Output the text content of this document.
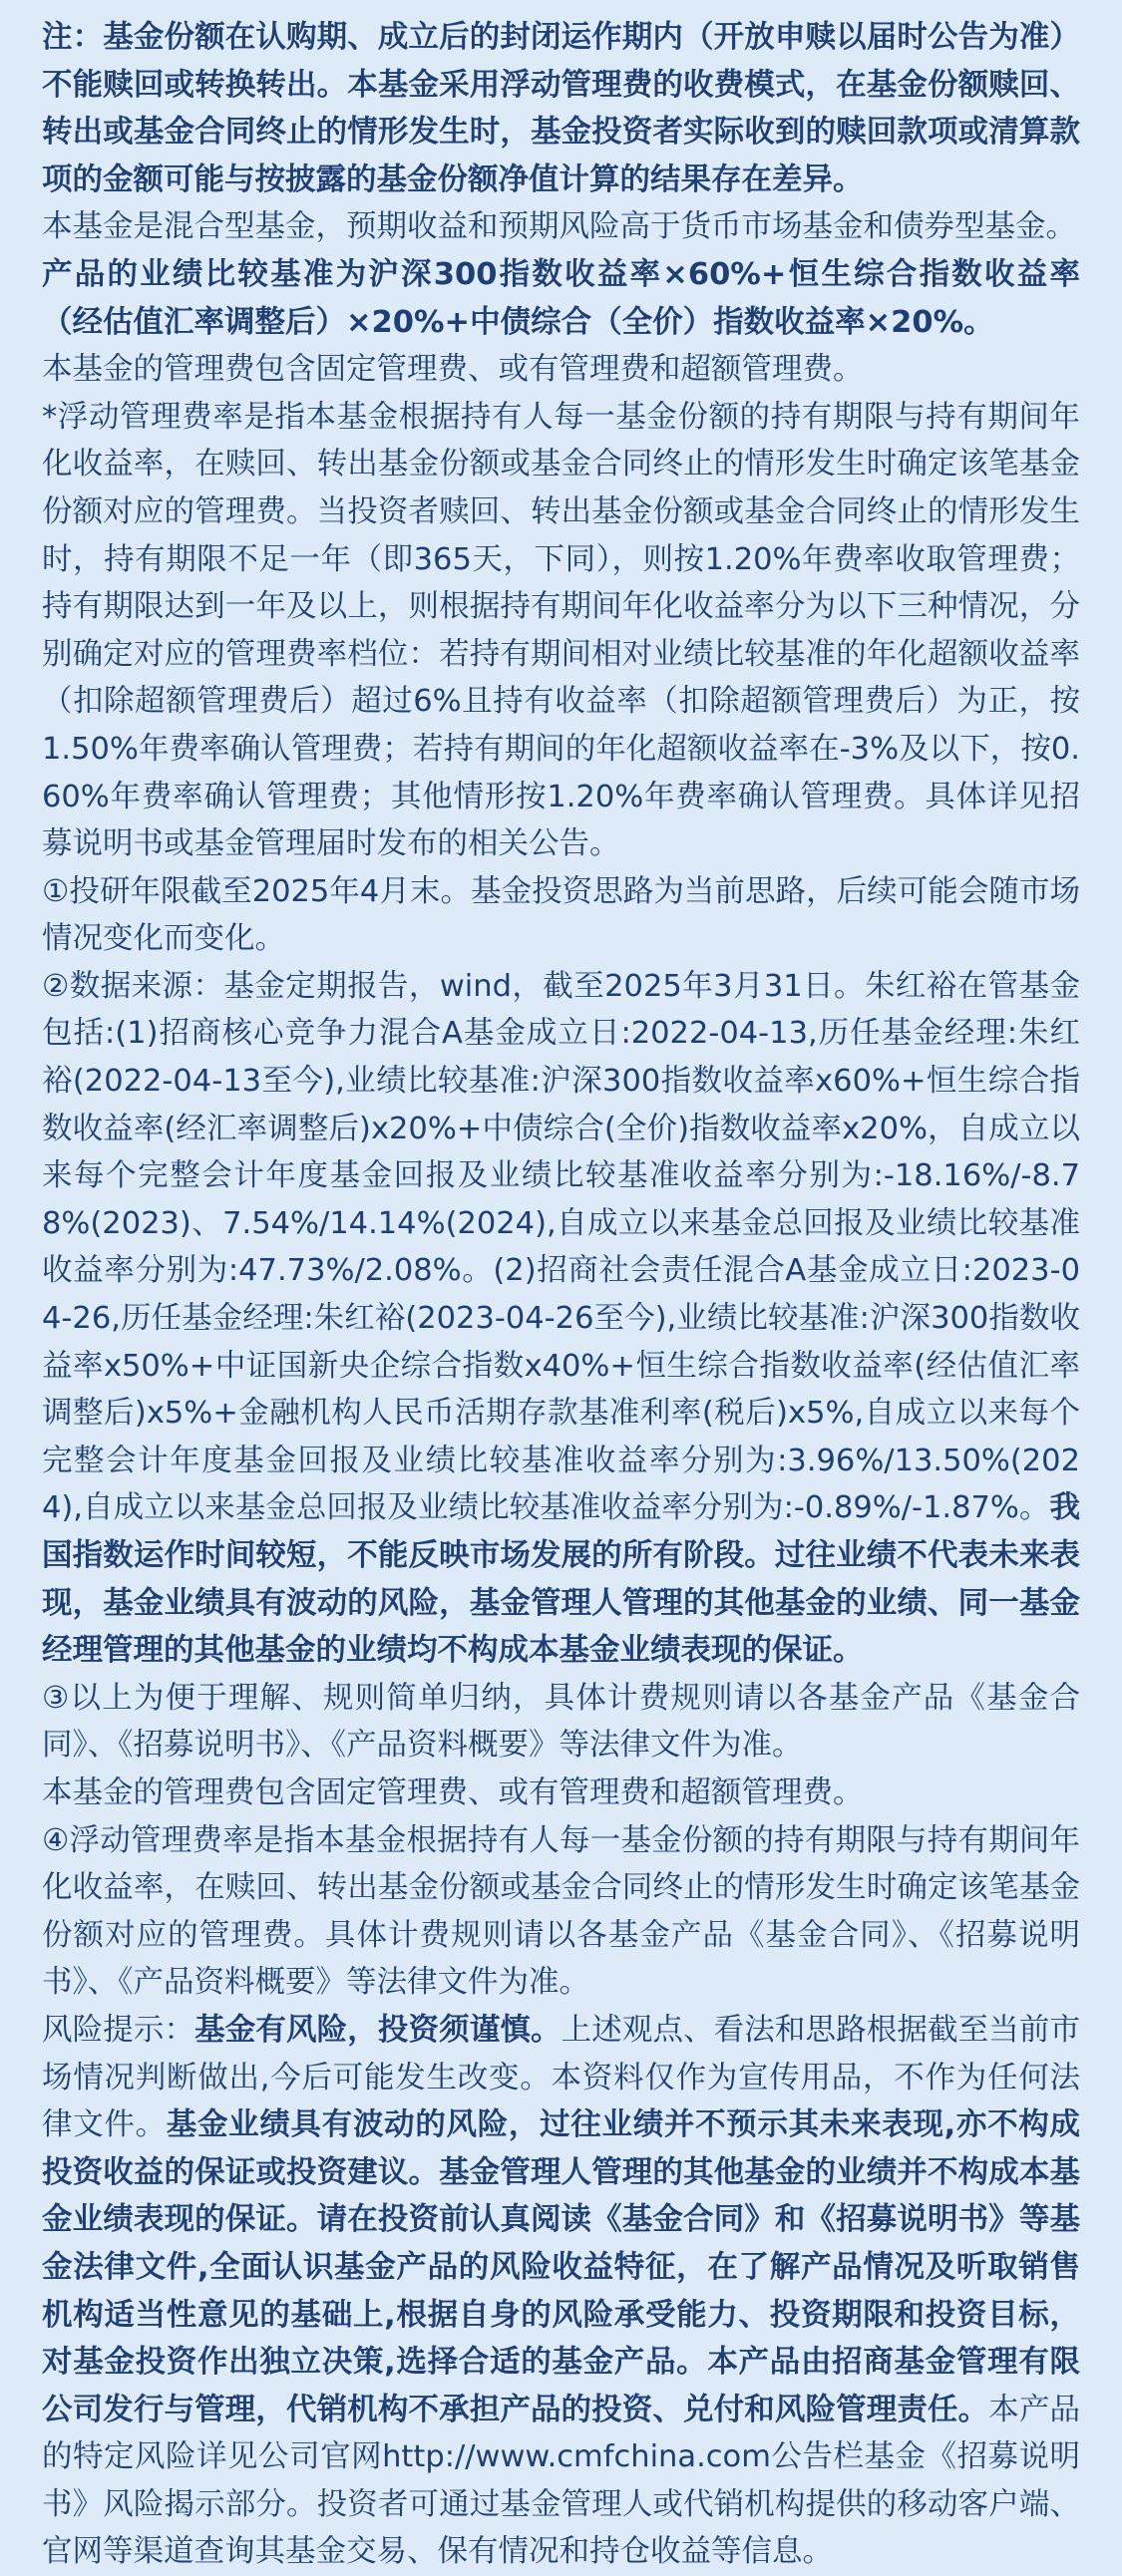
注：基金份额在认购期、成立后的封闭运作期内（开放申赎以届时公告为准）不能赎回或转换转出。本基金采用浮动管理费的收费模式，在基金份额赎回、转出或基金合同终止的情形发生时，基金投资者实际收到的赎回款项或清算款项的金额可能与按披露的基金份额净值计算的结果存在差异。

本基金是混合型基金，预期收益和预期风险高于货币市场基金和债券型基金。

产品的业绩比较基准为沪深300指数收益率×60%+恒生综合指数收益率（经估值汇率调整后）×20%+中债综合（全价）指数收益率×20%。

本基金的管理费包含固定管理费、或有管理费和超额管理费。

*浮动管理费率是指本基金根据持有人每一基金份额的持有期限与持有期间年化收益率，在赎回、转出基金份额或基金合同终止的情形发生时确定该笔基金份额对应的管理费。当投资者赎回、转出基金份额或基金合同终止的情形发生时，持有期限不足一年（即365天，下同），则按1.20%年费率收取管理费；持有期限达到一年及以上，则根据持有期间年化收益率分为以下三种情况，分别确定对应的管理费率档位：若持有期间相对业绩比较基准的年化超额收益率（扣除超额管理费后）超过6%且持有收益率（扣除超额管理费后）为正，按1.50%年费率确认管理费；若持有期间的年化超额收益率在-3%及以下，按0.60%年费率确认管理费；其他情形按1.20%年费率确认管理费。具体详见招募说明书或基金管理届时发布的相关公告。

①投研年限截至2025年4月末。基金投资思路为当前思路，后续可能会随市场情况变化而变化。

②数据来源：基金定期报告，wind，截至2025年3月31日。朱红裕在管基金包括:(1)招商核心竞争力混合A基金成立日:2022-04-13,历任基金经理:朱红裕(2022-04-13至今),业绩比较基准:沪深300指数收益率x60%+恒生综合指数收益率(经汇率调整后)x20%+中债综合(全价)指数收益率x20%，自成立以来每个完整会计年度基金回报及业绩比较基准收益率分别为:-18.16%/-8.78%(2023)、7.54%/14.14%(2024),自成立以来基金总回报及业绩比较基准收益率分别为:47.73%/2.08%。(2)招商社会责任混合A基金成立日:2023-04-26,历任基金经理:朱红裕(2023-04-26至今),业绩比较基准:沪深300指数收益率x50%+中证国新央企综合指数x40%+恒生综合指数收益率(经估值汇率调整后)x5%+金融机构人民币活期存款基准利率(税后)x5%,自成立以来每个完整会计年度基金回报及业绩比较基准收益率分别为:3.96%/13.50%(2024),自成立以来基金总回报及业绩比较基准收益率分别为:-0.89%/-1.87%。我国指数运作时间较短，不能反映市场发展的所有阶段。过往业绩不代表未来表现，基金业绩具有波动的风险，基金管理人管理的其他基金的业绩、同一基金经理管理的其他基金的业绩均不构成本基金业绩表现的保证。

③以上为便于理解、规则简单归纳，具体计费规则请以各基金产品《基金合同》、《招募说明书》、《产品资料概要》等法律文件为准。

本基金的管理费包含固定管理费、或有管理费和超额管理费。

④浮动管理费率是指本基金根据持有人每一基金份额的持有期限与持有期间年化收益率，在赎回、转出基金份额或基金合同终止的情形发生时确定该笔基金份额对应的管理费。具体计费规则请以各基金产品《基金合同》、《招募说明书》、《产品资料概要》等法律文件为准。

风险提示：基金有风险，投资须谨慎。上述观点、看法和思路根据截至当前市场情况判断做出,今后可能发生改变。本资料仅作为宣传用品，不作为任何法律文件。基金业绩具有波动的风险，过往业绩并不预示其未来表现,亦不构成投资收益的保证或投资建议。基金管理人管理的其他基金的业绩并不构成本基金业绩表现的保证。请在投资前认真阅读《基金合同》和《招募说明书》等基金法律文件,全面认识基金产品的风险收益特征，在了解产品情况及听取销售机构适当性意见的基础上,根据自身的风险承受能力、投资期限和投资目标，对基金投资作出独立决策,选择合适的基金产品。本产品由招商基金管理有限公司发行与管理，代销机构不承担产品的投资、兑付和风险管理责任。本产品的特定风险详见公司官网http://www.cmfchina.com公告栏基金《招募说明书》风险揭示部分。投资者可通过基金管理人或代销机构提供的移动客户端、官网等渠道查询其基金交易、保有情况和持仓收益等信息。
